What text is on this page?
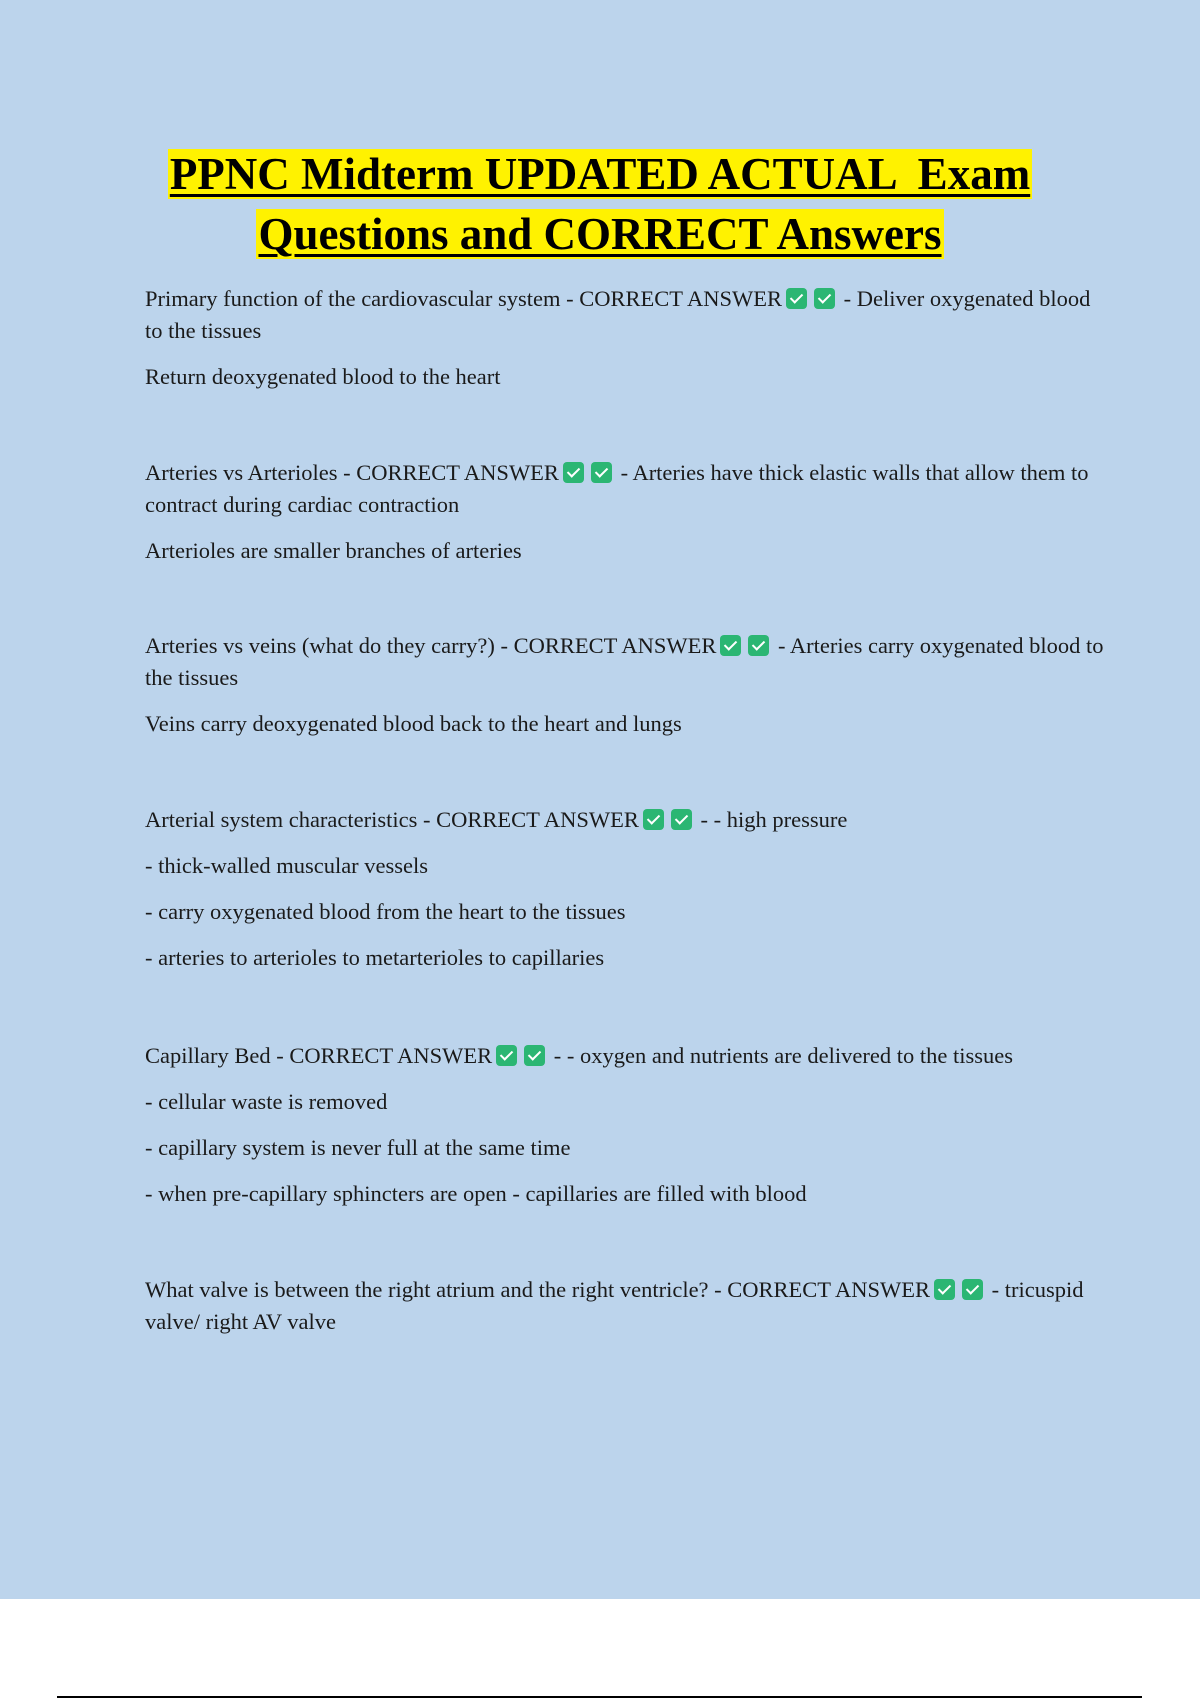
PPNC Midterm UPDATED ACTUAL  Exam
Questions and CORRECT Answers

Primary function of the cardiovascular system - CORRECT ANSWER - Deliver oxygenated blood to the tissues

Return deoxygenated blood to the heart

Arteries vs Arterioles - CORRECT ANSWER - Arteries have thick elastic walls that allow them to contract during cardiac contraction

Arterioles are smaller branches of arteries

Arteries vs veins (what do they carry?) - CORRECT ANSWER - Arteries carry oxygenated blood to the tissues

Veins carry deoxygenated blood back to the heart and lungs

Arterial system characteristics - CORRECT ANSWER - - high pressure

- thick-walled muscular vessels

- carry oxygenated blood from the heart to the tissues

- arteries to arterioles to metarterioles to capillaries

Capillary Bed - CORRECT ANSWER - - oxygen and nutrients are delivered to the tissues

- cellular waste is removed

- capillary system is never full at the same time

- when pre-capillary sphincters are open - capillaries are filled with blood

What valve is between the right atrium and the right ventricle? - CORRECT ANSWER - tricuspid valve/ right AV valve
